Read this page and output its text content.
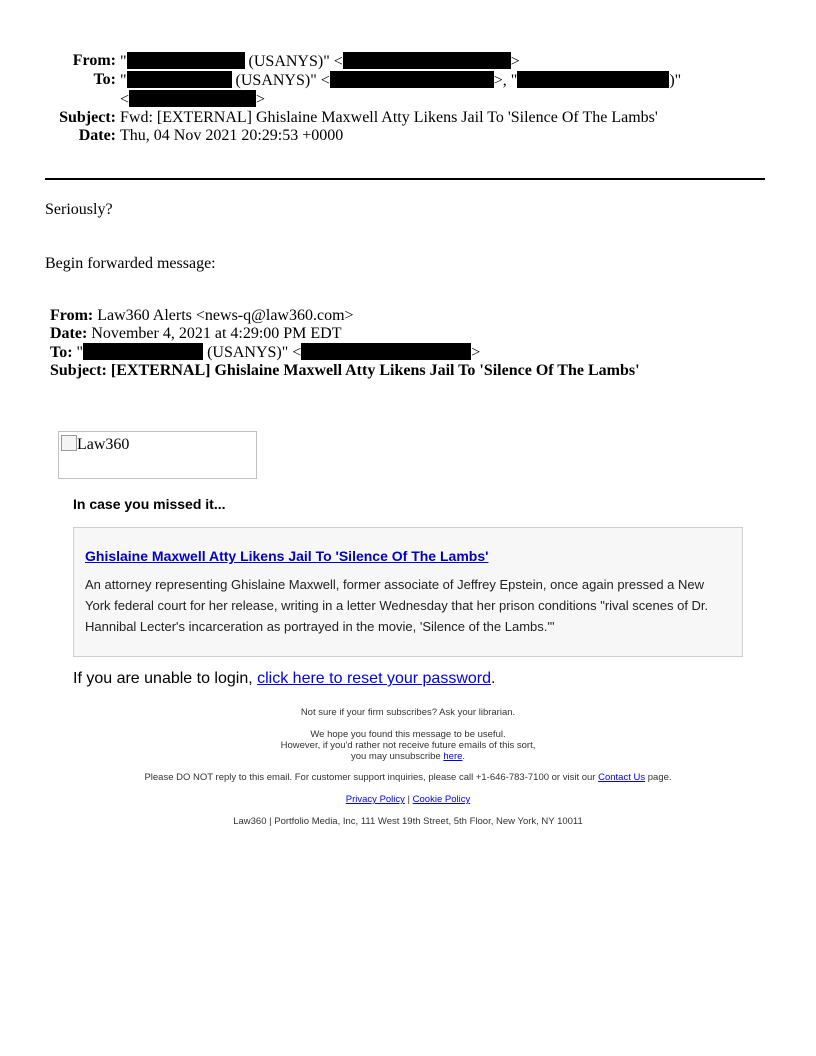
From: "	(USANYS)" <	>
To: "	(USANYS)" <	>, "	)"
<	>
Subject: Fwd: [EXTERNAL] Ghislaine Maxwell Atty Likens Jail To 'Silence Of The Lambs'
Date: Thu, 04 Nov 2021 20:29:53 +0000
Seriously?
Begin forwarded message:
From: Law360 Alerts <news-q@law360.com>
Date: November 4, 2021 at 4:29:00 PM EDT
To: "	(USANYS)" <	>
Subject: [EXTERNAL] Ghislaine Maxwell Atty Likens Jail To 'Silence Of The Lambs'
Law360
In case you missed it...
Ghislaine Maxwell Atty Likens Jail To 'Silence Of The Lambs'
An attorney representing Ghislaine Maxwell, former associate of Jeffrey Epstein, once again pressed a New York federal court for her release, writing in a letter Wednesday that her prison conditions "rival scenes of Dr. Hannibal Lecter's incarceration as portrayed in the movie, 'Silence of the Lambs.'"
If you are unable to login, click here to reset your password.
Not sure if your firm subscribes? Ask your librarian.
We hope you found this message to be useful.
However, if you'd rather not receive future emails of this sort,
you may unsubscribe here.
Please DO NOT reply to this email. For customer support inquiries, please call +1-646-783-7100 or visit our Contact Us page.
Privacy Policy | Cookie Policy
Law360 | Portfolio Media, Inc, 111 West 19th Street, 5th Floor, New York, NY 10011
